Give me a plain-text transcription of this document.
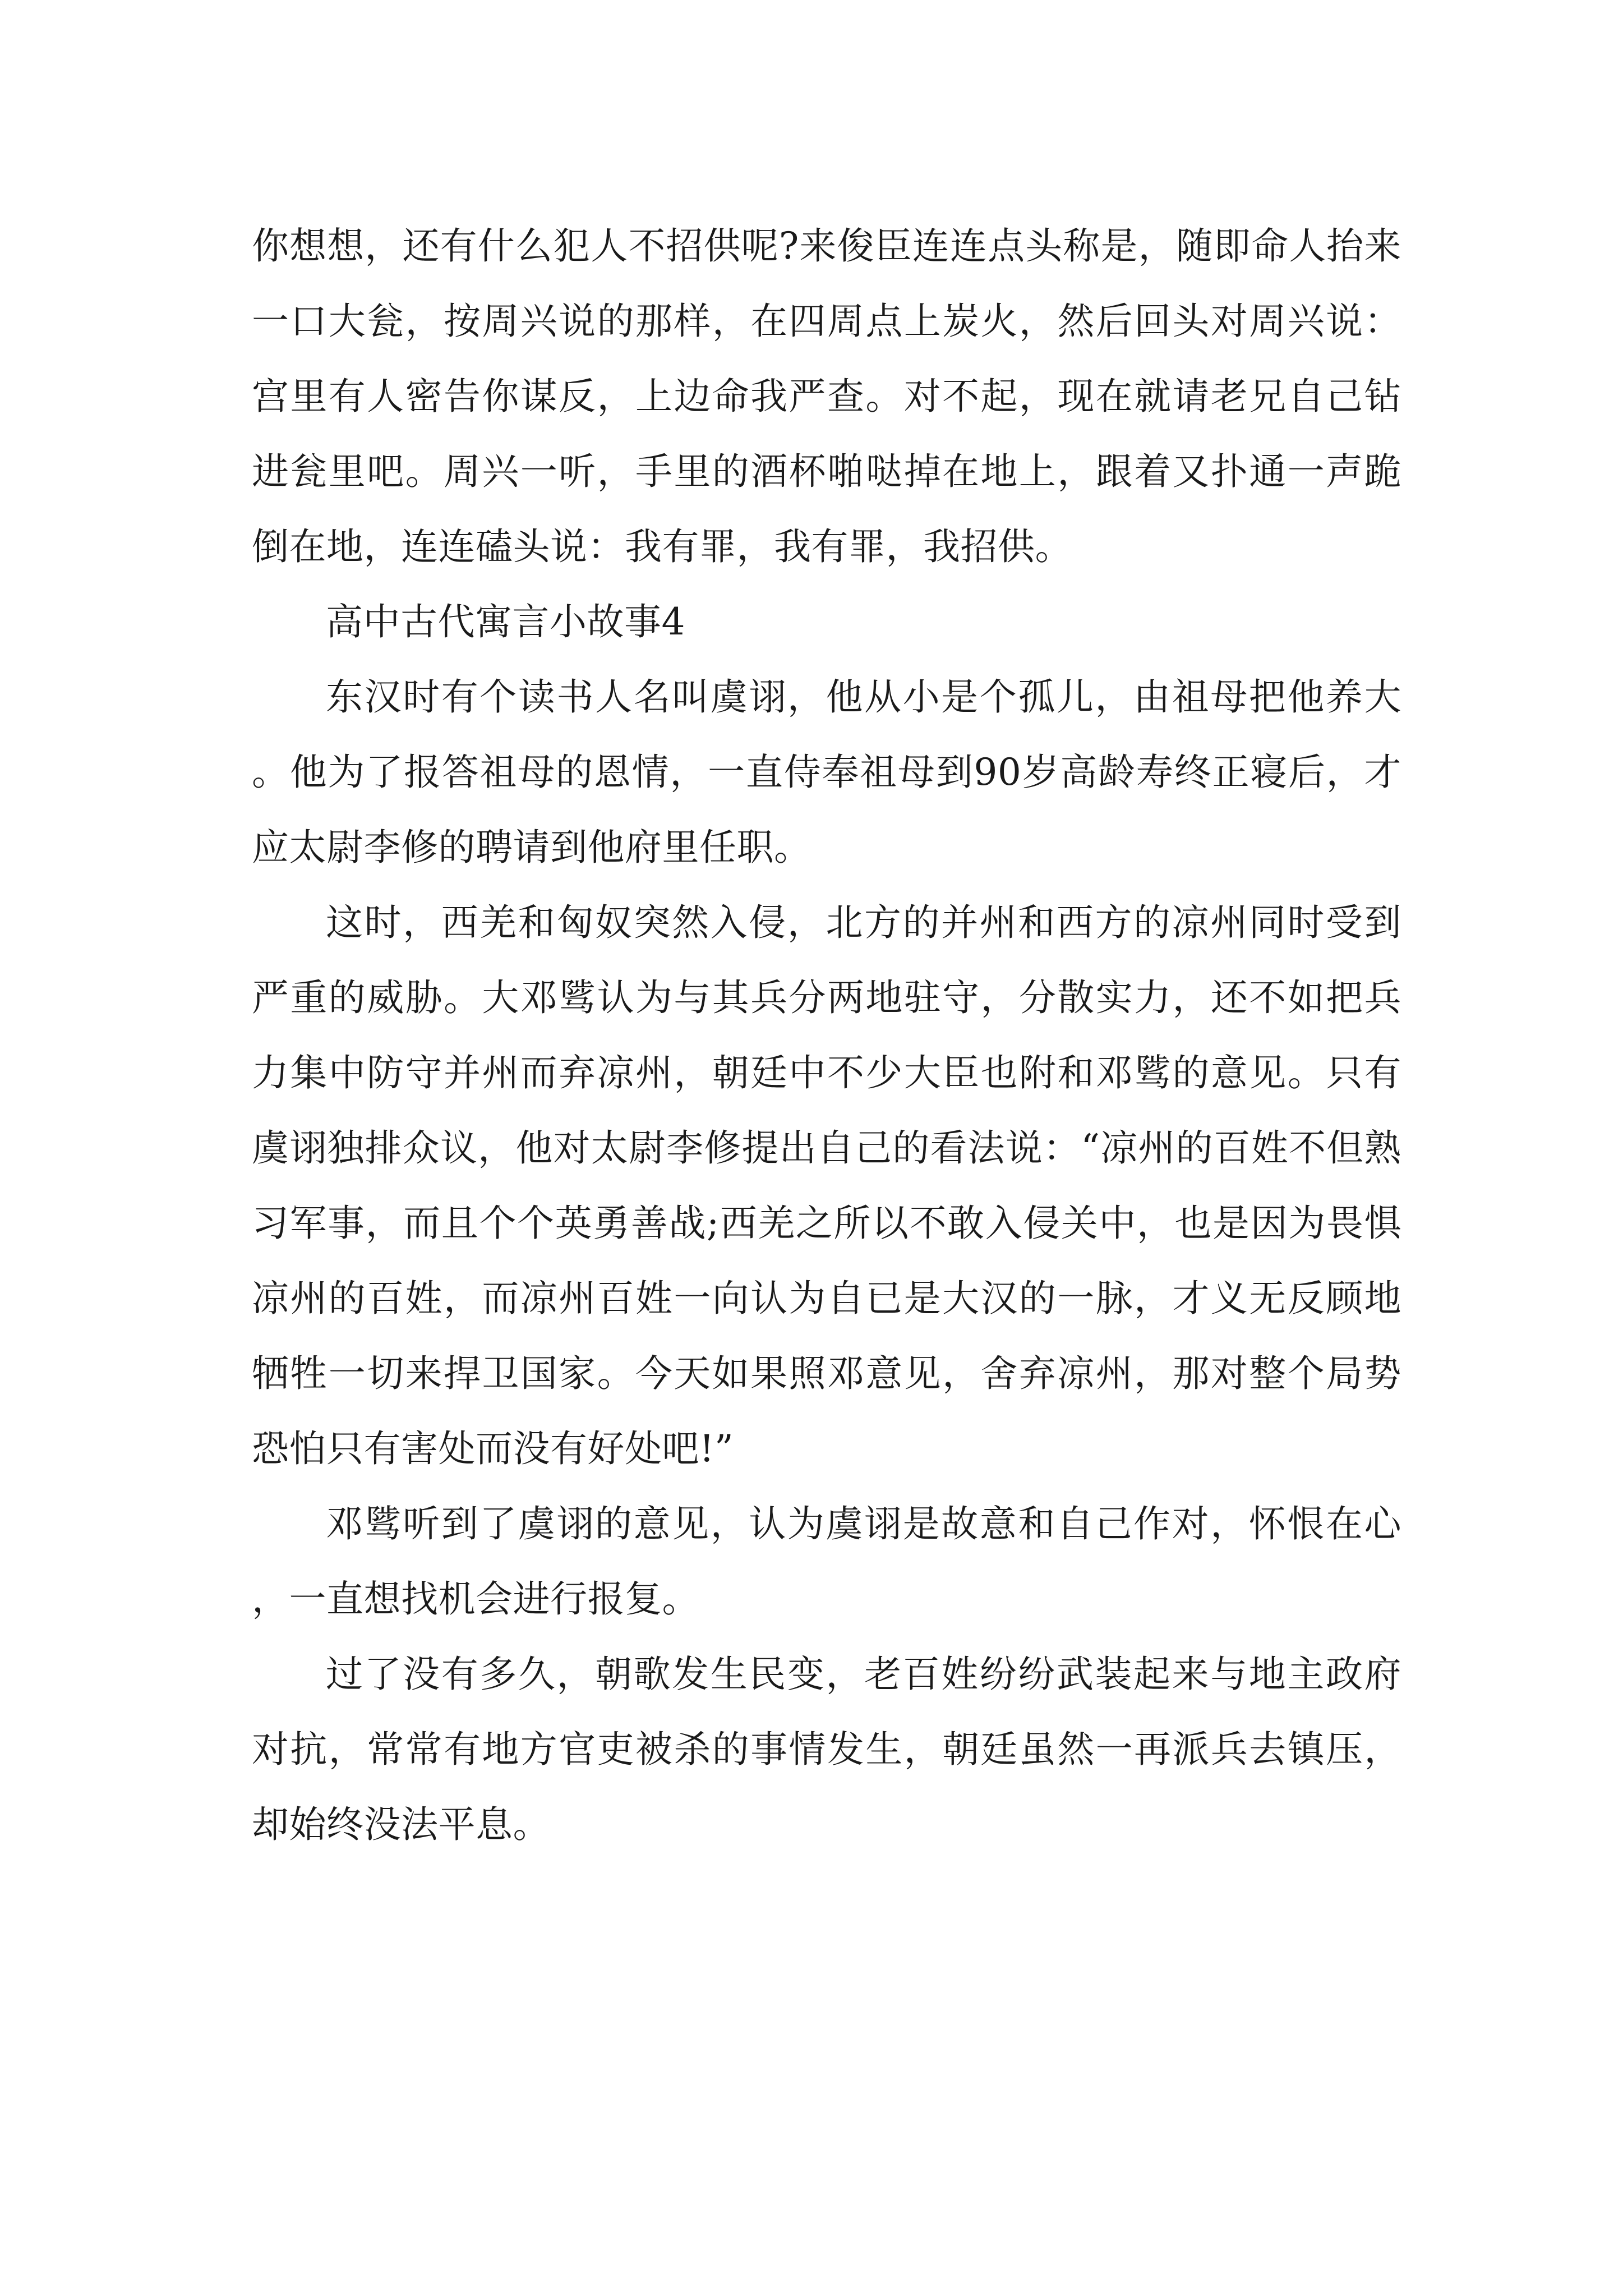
你想想，还有什么犯人不招供呢?来俊臣连连点头称是，随即命人抬来一口大瓮，按周兴说的那样，在四周点上炭火，然后回头对周兴说：宫里有人密告你谋反，上边命我严查。对不起，现在就请老兄自己钻进瓮里吧。周兴一听，手里的酒杯啪哒掉在地上，跟着又扑通一声跪倒在地，连连磕头说：我有罪，我有罪，我招供。

高中古代寓言小故事4

东汉时有个读书人名叫虞诩，他从小是个孤儿，由祖母把他养大。他为了报答祖母的恩情，一直侍奉祖母到90岁高龄寿终正寝后，才应太尉李修的聘请到他府里任职。

这时，西羌和匈奴突然入侵，北方的并州和西方的凉州同时受到严重的威胁。大邓骘认为与其兵分两地驻守，分散实力，还不如把兵力集中防守并州而弃凉州，朝廷中不少大臣也附和邓骘的意见。只有虞诩独排众议，他对太尉李修提出自己的看法说：“凉州的百姓不但熟习军事，而且个个英勇善战;西羌之所以不敢入侵关中，也是因为畏惧凉州的百姓，而凉州百姓一向认为自已是大汉的一脉，才义无反顾地牺牲一切来捍卫国家。今天如果照邓意见，舍弃凉州，那对整个局势恐怕只有害处而没有好处吧!”

邓骘听到了虞诩的意见，认为虞诩是故意和自己作对，怀恨在心，一直想找机会进行报复。

过了没有多久，朝歌发生民变，老百姓纷纷武装起来与地主政府对抗，常常有地方官吏被杀的事情发生，朝廷虽然一再派兵去镇压，却始终没法平息。
